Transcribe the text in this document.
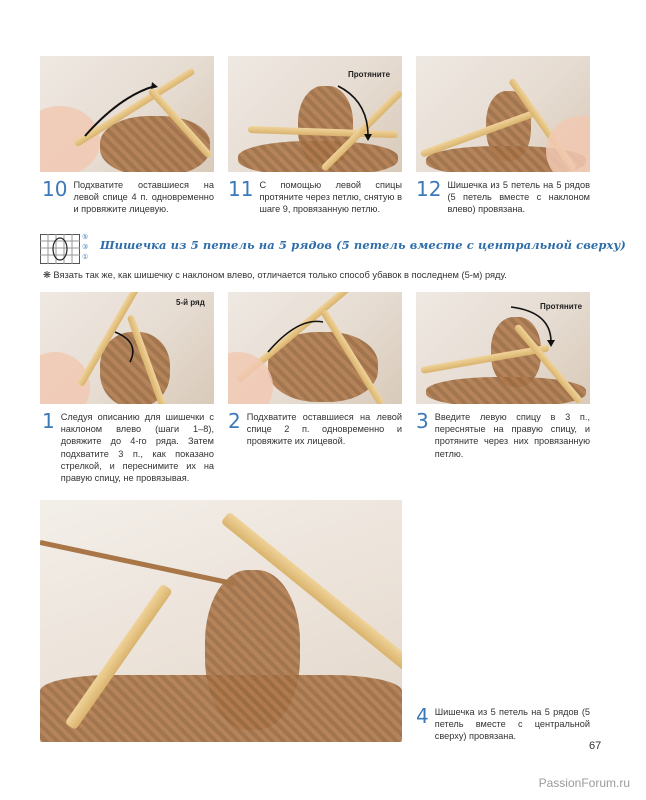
Протяните
10 Подхватите оставшиеся на левой спице 4 п. одновременно и провяжите лицевую.
11 С помощью левой спицы протяните через петлю, снятую в шаге 9, провязанную петлю.
12 Шишечка из 5 петель на 5 рядов (5 петель вместе с наклоном влево) провязана.
⑤
③
①
Шишечка из 5 петель на 5 рядов (5 петель вместе с центральной сверху)
❋ Вязать так же, как шишечку с наклоном влево, отличается только способ убавок в последнем (5-м) ряду.
5-й ряд	Протяните
1 Следуя описанию для шишечки с наклоном влево (шаги 1–8), довяжите до 4-го ряда. Затем подхватите 3 п., как показано стрелкой, и переснимите их на правую спицу, не провязывая.
2 Подхватите оставшиеся на левой спице 2 п. одновременно и провяжите их лицевой.
3 Введите левую спицу в 3 п., переснятые на правую спицу, и протяните через них провязанную петлю.
4 Шишечка из 5 петель на 5 рядов (5 петель вместе с центральной сверху) провязана.
67
PassionForum.ru
